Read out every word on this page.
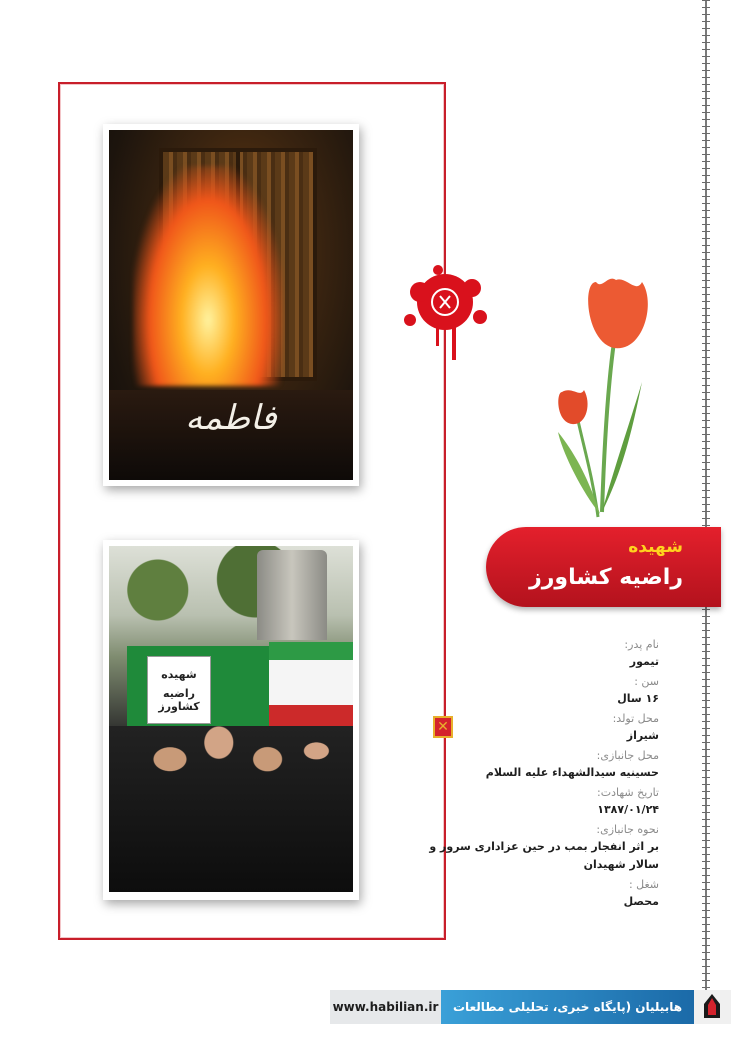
فاطمه
شهیده
راضیه کشاورز
✕
شهیده
راضیه کشاورز
نام پدر:
تیمور
سن :
۱۶ سال
محل تولد:
شیراز
محل جانبازی:
حسینیه سیدالشهداء علیه السلام
تاریخ شهادت:
۱۳۸۷/۰۱/۲۴
نحوه جانبازی:
بر اثر انفجار بمب در حین عزاداری سرور و سالار شهیدان
شغل :
محصل
www.habilian.ir	هابیلیان (پایگاه خبری، تحلیلی مطالعات تروریسم)
